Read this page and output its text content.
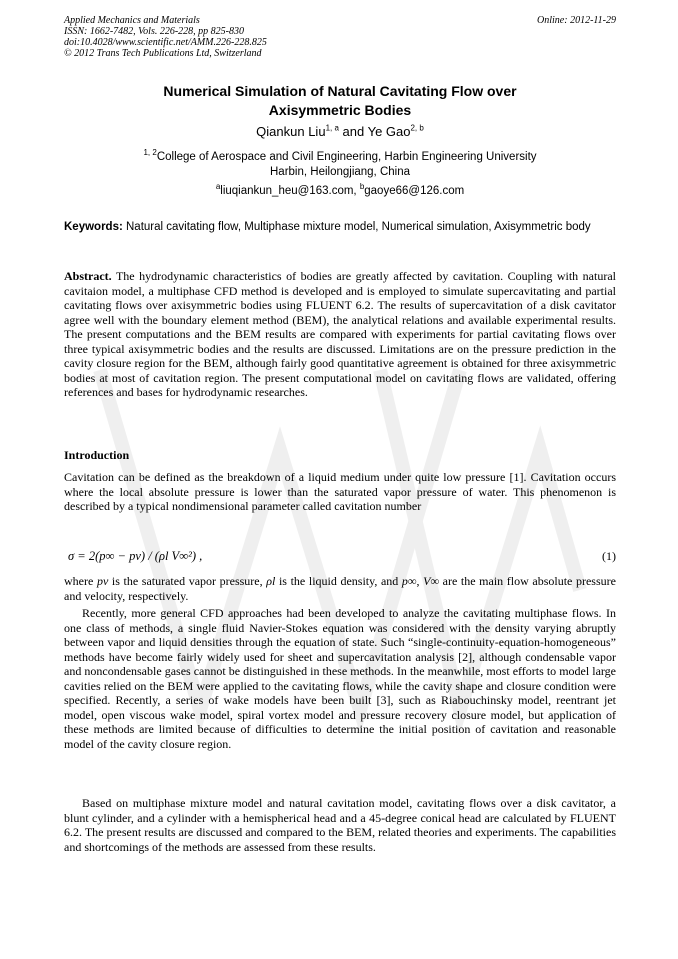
Applied Mechanics and Materials
ISSN: 1662-7482, Vols. 226-228, pp 825-830
doi:10.4028/www.scientific.net/AMM.226-228.825
© 2012 Trans Tech Publications Ltd, Switzerland
Online: 2012-11-29
Numerical Simulation of Natural Cavitating Flow over
Axisymmetric Bodies
Qiankun Liu$^{1, a}$ and Ye Gao$^{2, b}$
$^{1, 2}$College of Aerospace and Civil Engineering, Harbin Engineering University
Harbin, Heilongjiang, China
$^a$liuqiankun_heu@163.com, $^b$gaoye66@126.com
Keywords: Natural cavitating flow, Multiphase mixture model, Numerical simulation, Axisymmetric body
Abstract. The hydrodynamic characteristics of bodies are greatly affected by cavitation. Coupling with natural cavitaion model, a multiphase CFD method is developed and is employed to simulate supercavitating and partial cavitating flows over axisymmetric bodies using FLUENT 6.2. The results of supercavitation of a disk cavitator agree well with the boundary element method (BEM), the analytical relations and available experimental results. The present computations and the BEM results are compared with experiments for partial cavitating flows over three typical axisymmetric bodies and the results are discussed. Limitations are on the pressure prediction in the cavity closure region for the BEM, although fairly good quantitative agreement is obtained for three axisymmetric bodies at most of cavitation region. The present computational model on cavitating flows are validated, offering references and bases for hydrodynamic researches.
Introduction

Cavitation can be defined as the breakdown of a liquid medium under quite low pressure [1]. Cavitation occurs where the local absolute pressure is lower than the saturated vapor pressure of water. This phenomenon is described by a typical nondimensional parameter called cavitation number

σ = 2(p∞ − pv) / (ρl V∞²) ,	(1)

where pv is the saturated vapor pressure, ρl is the liquid density, and p∞, V∞ are the main flow absolute pressure and velocity, respectively.

Recently, more general CFD approaches had been developed to analyze the cavitating multiphase flows. In one class of methods, a single fluid Navier-Stokes equation was considered with the density varying abruptly between vapor and liquid densities through the equation of state. Such “single-continuity-equation-homogeneous” methods have become fairly widely used for sheet and supercavitation analysis [2], although condensable vapor and noncondensable gases cannot be distinguished in these methods. In the meanwhile, most efforts to model large cavities relied on the BEM were applied to the cavitating flows, while the cavity shape and closure condition were specified. Recently, a series of wake models have been built [3], such as Riabouchinsky model, reentrant jet model, open viscous wake model, spiral vortex model and pressure recovery closure model, but application of these methods are limited because of difficulties to determine the initial position of cavitation and reasonable model of the cavity closure region.

Based on multiphase mixture model and natural cavitation model, cavitating flows over a disk cavitator, a blunt cylinder, and a cylinder with a hemispherical head and a 45-degree conical head are calculated by FLUENT 6.2. The present results are discussed and compared to the BEM, related theories and experiments. The capabilities and shortcomings of the methods are assessed from these results.
